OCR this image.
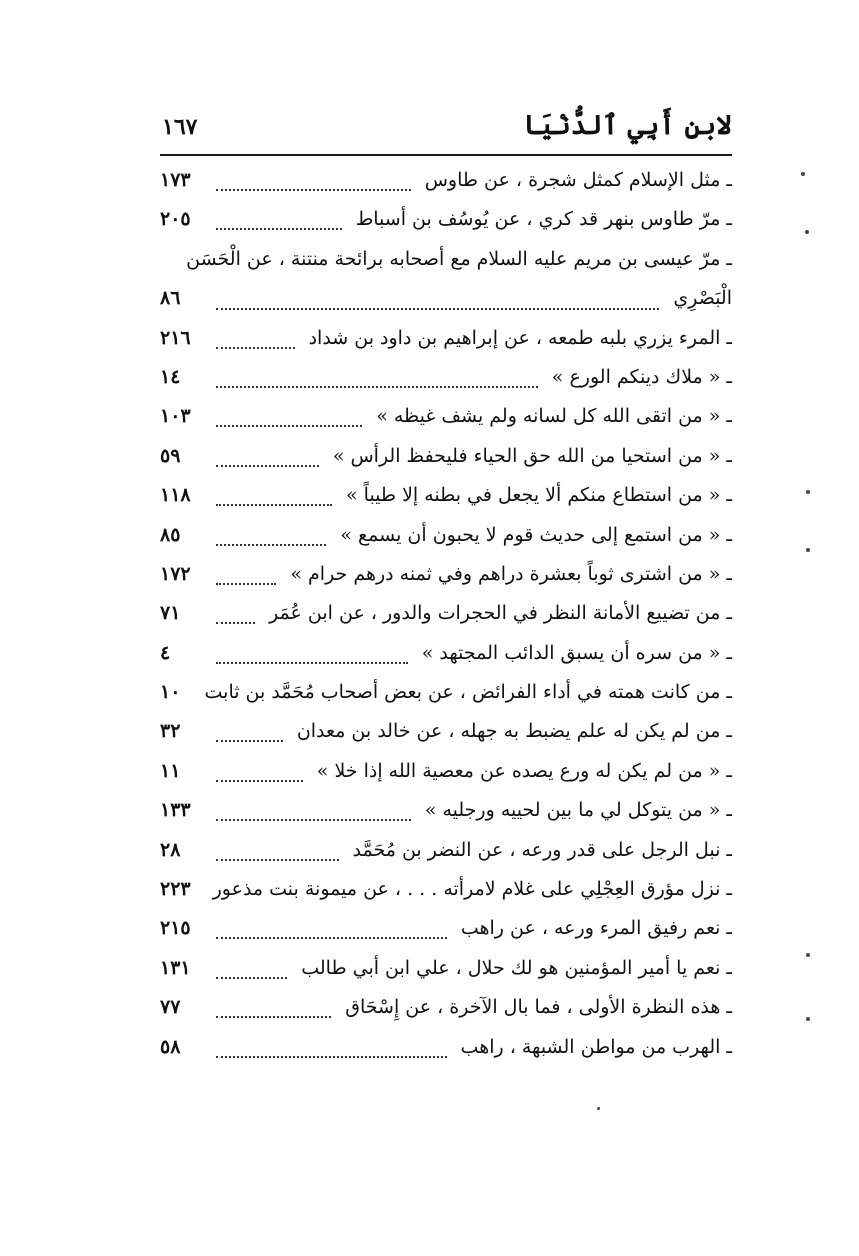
لابنِ أَبِي ٱلدُّنْيَا
١٦٧
ـ مثل الإسلام كمثل شجرة ، عن طاوس
١٧٣
ـ مرّ طاوس بنهر قد كري ، عن يُوسُف بن أسباط
٢٠٥
ـ مرّ عيسى بن مريم عليه السلام مع أصحابه برائحة منتنة ، عن الْحَسَن الْبَصْرِي
٨٦
ـ المرء يزري بلبه طمعه ، عن إبراهيم بن داود بن شداد
٢١٦
ـ « ملاك دينكم الورع »
١٤
ـ « من اتقى الله كل لسانه ولم يشف غيظه »
١٠٣
ـ « من استحيا من الله حق الحياء فليحفظ الرأس »
٥٩
ـ « من استطاع منكم ألا يجعل في بطنه إلا طيباً »
١١٨
ـ « من استمع إلى حديث قوم لا يحبون أن يسمع »
٨٥
ـ « من اشترى ثوباً بعشرة دراهم وفي ثمنه درهم حرام »
١٧٢
ـ من تضييع الأمانة النظر في الحجرات والدور ، عن ابن عُمَر
٧١
ـ « من سره أن يسبق الدائب المجتهد »
٤
ـ من كانت همته في أداء الفرائض ، عن بعض أصحاب مُحَمَّد بن ثابت
١٠
ـ من لم يكن له علم يضبط به جهله ، عن خالد بن معدان
٣٢
ـ « من لم يكن له ورع يصده عن معصية الله إذا خلا »
١١
ـ « من يتوكل لي ما بين لحييه ورجليه »
١٣٣
ـ نبل الرجل على قدر ورعه ، عن النضر بن مُحَمَّد
٢٨
ـ نزل مؤرق العِجْلِي على غلام لامرأته . . . ، عن ميمونة بنت مذعور
٢٢٣
ـ نعم رفيق المرء ورعه ، عن راهب
٢١٥
ـ نعم يا أمير المؤمنين هو لك حلال ، علي ابن أبي طالب
١٣١
ـ هذه النظرة الأولى ، فما بال الآخرة ، عن إِسْحَاق
٧٧
ـ الهرب من مواطن الشبهة ، راهب
٥٨
